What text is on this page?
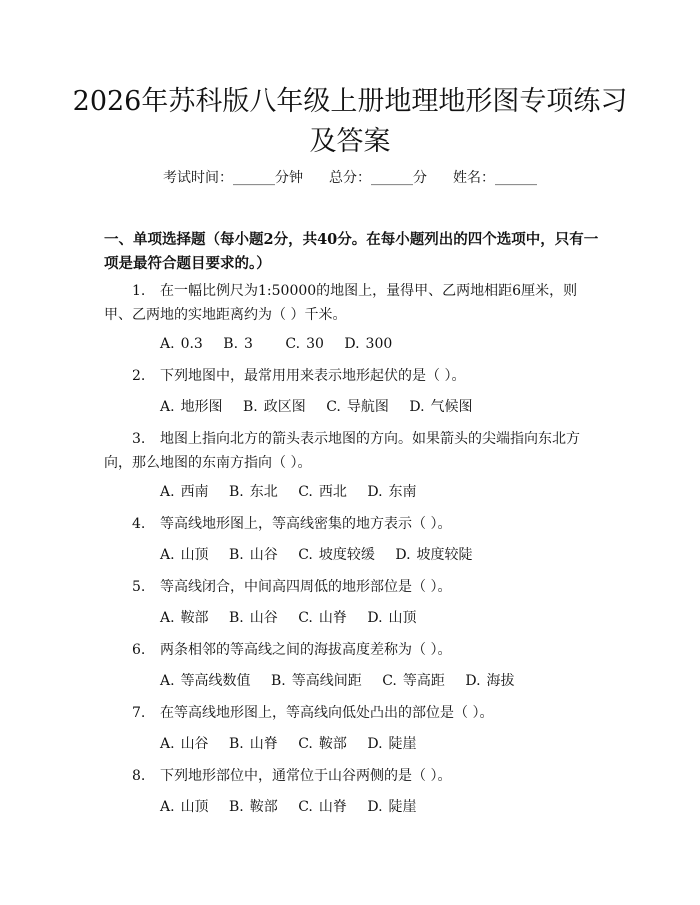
2026年苏科版八年级上册地理地形图专项练习及答案
考试时间：______分钟 总分：______分 姓名：______

一、单项选择题（每小题2分，共40分。在每小题列出的四个选项中，只有一项是最符合题目要求的。）

1. 在一幅比例尺为1:50000的地图上，量得甲、乙两地相距6厘米，则甲、乙两地的实地距离约为（ ）千米。

A. 0.3 B. 3 C. 30 D. 300

2. 下列地图中，最常用用来表示地形起伏的是（ ）。

A. 地形图 B. 政区图 C. 导航图 D. 气候图

3. 地图上指向北方的箭头表示地图的方向。如果箭头的尖端指向东北方向，那么地图的东南方指向（ ）。

A. 西南 B. 东北 C. 西北 D. 东南

4. 等高线地形图上，等高线密集的地方表示（ ）。

A. 山顶 B. 山谷 C. 坡度较缓 D. 坡度较陡

5. 等高线闭合，中间高四周低的地形部位是（ ）。

A. 鞍部 B. 山谷 C. 山脊 D. 山顶

6. 两条相邻的等高线之间的海拔高度差称为（ ）。

A. 等高线数值 B. 等高线间距 C. 等高距 D. 海拔

7. 在等高线地形图上，等高线向低处凸出的部位是（ ）。

A. 山谷 B. 山脊 C. 鞍部 D. 陡崖

8. 下列地形部位中，通常位于山谷两侧的是（ ）。

A. 山顶 B. 鞍部 C. 山脊 D. 陡崖
